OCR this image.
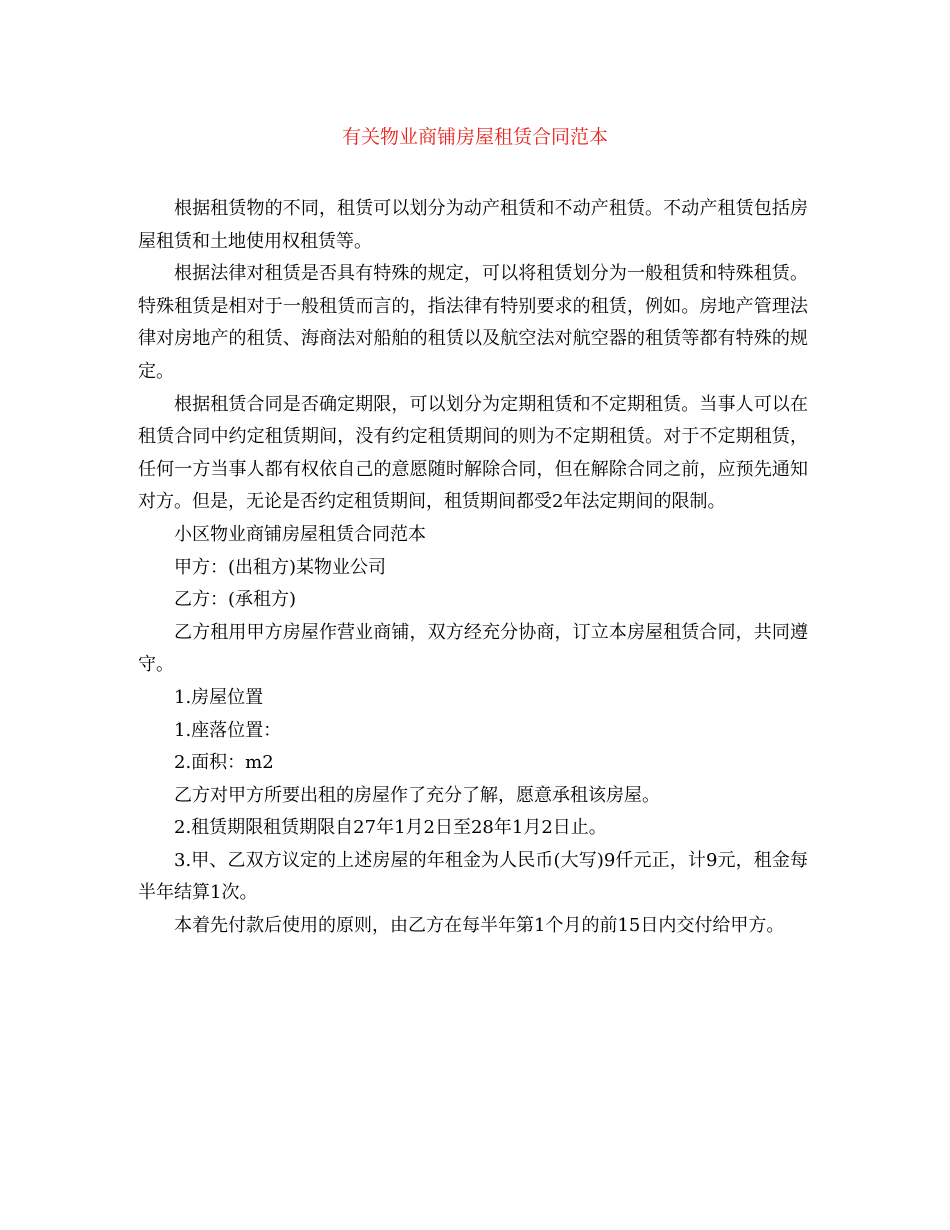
有关物业商铺房屋租赁合同范本

根据租赁物的不同，租赁可以划分为动产租赁和不动产租赁。不动产租赁包括房屋租赁和土地使用权租赁等。

根据法律对租赁是否具有特殊的规定，可以将租赁划分为一般租赁和特殊租赁。特殊租赁是相对于一般租赁而言的，指法律有特别要求的租赁，例如。房地产管理法律对房地产的租赁、海商法对船舶的租赁以及航空法对航空器的租赁等都有特殊的规定。

根据租赁合同是否确定期限，可以划分为定期租赁和不定期租赁。当事人可以在租赁合同中约定租赁期间，没有约定租赁期间的则为不定期租赁。对于不定期租赁，任何一方当事人都有权依自己的意愿随时解除合同，但在解除合同之前，应预先通知对方。但是，无论是否约定租赁期间，租赁期间都受2年法定期间的限制。

小区物业商铺房屋租赁合同范本

甲方：(出租方)某物业公司

乙方：(承租方)

乙方租用甲方房屋作营业商铺，双方经充分协商，订立本房屋租赁合同，共同遵守。

1.房屋位置

1.座落位置：

2.面积：m2

乙方对甲方所要出租的房屋作了充分了解，愿意承租该房屋。

2.租赁期限租赁期限自27年1月2日至28年1月2日止。

3.甲、乙双方议定的上述房屋的年租金为人民币(大写)9仟元正，计9元，租金每半年结算1次。

本着先付款后使用的原则，由乙方在每半年第1个月的前15日内交付给甲方。
